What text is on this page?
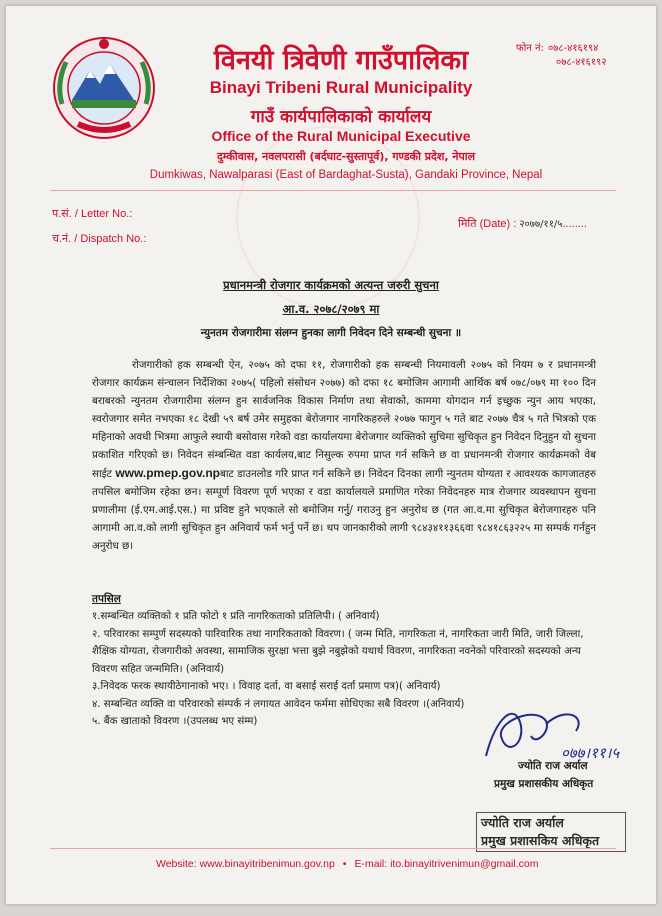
विनयी त्रिवेणी गाउँपालिका
Binayi Tribeni Rural Municipality
गाउँ कार्यपालिकाको कार्यालय
Office of the Rural Municipal Executive
दुम्कीवास, नवलपरासी (बर्दघाट-सुस्तापूर्व), गण्डकी प्रदेश, नेपाल
Dumkiwas, Nawalparasi (East of Bardaghat-Susta), Gandaki Province, Nepal
फोन नं: ०७८-४१६१९४
०७८-४१६१९२
प.सं. / Letter No.:
च.नं. / Dispatch No.:
मिति (Date) : २०७७/११/५........
प्रधानमन्त्री रोजगार कार्यक्रमको अत्यन्त जरुरी सुचना
आ.व. २०७८/२०७९ मा
न्युनतम रोजगारीमा संलग्न हुनका लागी निवेदन दिने सम्बन्धी सुचना ॥
रोजगारीको हक सम्बन्धी ऐन, २०७५ को दफा ११, रोजगारीको हक सम्बन्धी नियमावली २०७५ को नियम ७ र प्रधानमन्त्री रोजगार कार्यक्रम संन्चालन निर्देशिका २०७५( पहिलो संसोधन २०७७) को दफा १८ बमोजिम आगामी आर्थिक बर्ष ०७८/०७९ मा १०० दिन बराबरको न्युनतम रोजगारीमा संलग्न हुन सार्वजनिक विकास निर्माण तथा सेवाको, काममा योगदान गर्न इच्छुक न्युन आय भएका, स्वरोजगार समेत नभएका १८ देखी ५९ बर्ष उमेर समुहका बेरोजगार नागरिकहरुले २०७७ फागुन ५ गते बाट २०७७ चैत्र ५ गते भित्रको एक महिनाको अवधी भित्रमा आफुले स्थायी बसोवास गरेको वडा कार्यालयमा बेरोजगार व्यक्तिको सुचिमा सुचिकृत हुन निवेदन दिनुहुन यो सुचना प्रकाशित गरिएको छ। निवेदन संम्बन्धित वडा कार्यलय,बाट निसुल्क रुपमा प्राप्त गर्न सकिने छ वा प्रधानमन्त्री रोजगार कार्यक्रमको वेब साईट www.pmep.gov.npबाट डाउनलोड गरि प्राप्त गर्न सकिने छ। निवेदन दिनका लागी न्युनतम योग्यता र आवश्यक कागजातहरु तपसिल बमोजिम रहेका छन। सम्पूर्ण विवरण पूर्ण भएका र वडा कार्यालयले प्रमाणित गरेका निवेदनहरु मात्र रोजगार व्यवस्थापन सुचना प्रणालीमा (ई.एम.आई.एस.) मा प्रविष्ट हुने भएकाले सो बमोजिम गर्नु/ गराउनु हुन अनुरोध छ (गत आ.व.मा सुचिकृत बेरोजगारहरु पनि आगामी आ.व.को लागी सुचिकृत हुन अनिवार्य फर्म भर्नु पर्ने छ। थप जानकारीको लागी ९८४३४११३६६वा ९८४१८६३२२५ मा सम्पर्क गर्नहुन अनुरोध छ।
तपसिल
१.सम्बन्धित व्यक्तिको १ प्रति फोटो १ प्रति नागरिकताको प्रतिलिपी। ( अनिवार्य)
२. परिवारका सम्पुर्ण सदस्यको पारिवारिक तथा नागरिकताको विवरण। ( जन्म मिति, नागरिकता नं, नागरिकता जारी मिति, जारी जिल्ला, शैक्षिक योग्यता, रोजगारीको अवस्था, सामाजिक सुरक्षा भत्ता बुझे नबुझेको यथार्थ विवरण, नागरिकता नवनेको परिवारको सदस्यको अन्य विवरण सहित जन्ममिति। (अनिवार्य)
३.निवेदक फरक स्थायीठेगानाको भए। । विवाह दर्ता, वा बसाई सराई दर्ता प्रमाण पत्र)( अनिवार्य)
४. सम्बन्धित व्यक्ति वा परिवारको संम्पर्क नं लगायत आवेदन फर्ममा सोधिएका सबै विवरण ।(अनिवार्य)
५. बैंक खाताको विवरण ।(उपलब्ध भए संम्म)
०७७।११।५
ज्योति राज अर्याल
प्रमुख प्रशासकीय अधिकृत
ज्योति राज अर्याल
प्रमुख प्रशासकिय अधिकृत
Website: www.binayitribenimun.gov.np • E-mail: ito.binayitrivenimun@gmail.com
